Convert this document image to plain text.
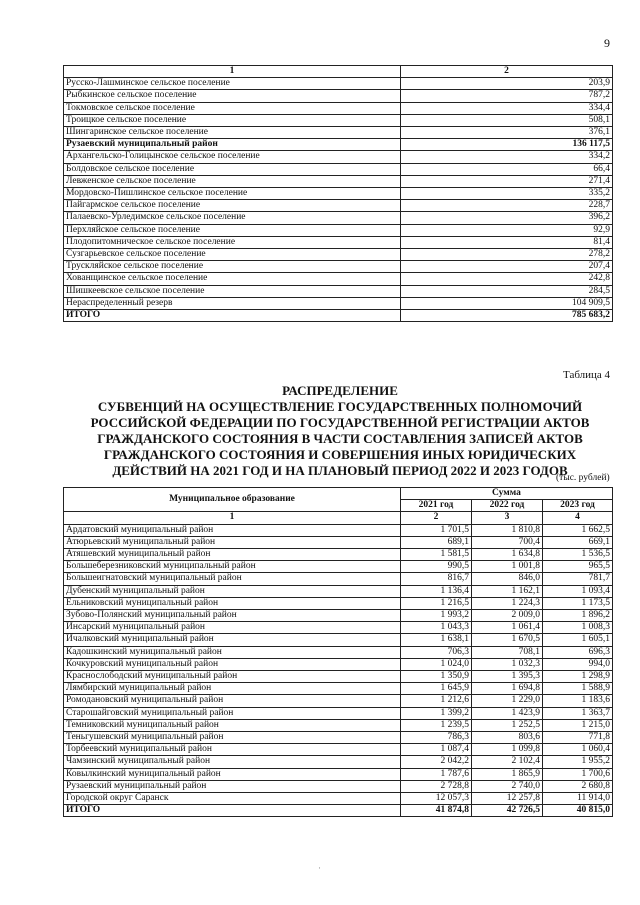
9
1	2
Русско-Лашминское сельское поселение	203,9
Рыбкинское сельское поселение	787,2
Токмовское сельское поселение	334,4
Троицкое сельское поселение	508,1
Шингаринское сельское поселение	376,1
Рузаевский муниципальный район	136 117,5
Архангельско-Голицынское сельское поселение	334,2
Болдовское сельское поселение	66,4
Левженское сельское поселение	271,4
Мордовско-Пишлинское сельское поселение	335,2
Пайгармское сельское поселение	228,7
Палаевско-Урледимское сельское поселение	396,2
Перхляйское сельское поселение	92,9
Плодопитомническое сельское поселение	81,4
Сузгарьевское сельское поселение	278,2
Трускляйское сельское поселение	207,4
Хованщинское сельское поселение	242,8
Шишкеевское сельское поселение	284,5
Нераспределенный резерв	104 909,5
ИТОГО	785 683,2
Таблица 4
РАСПРЕДЕЛЕНИЕ
СУБВЕНЦИЙ НА ОСУЩЕСТВЛЕНИЕ ГОСУДАРСТВЕННЫХ ПОЛНОМОЧИЙ
РОССИЙСКОЙ ФЕДЕРАЦИИ ПО ГОСУДАРСТВЕННОЙ РЕГИСТРАЦИИ АКТОВ
ГРАЖДАНСКОГО СОСТОЯНИЯ В ЧАСТИ СОСТАВЛЕНИЯ ЗАПИСЕЙ АКТОВ
ГРАЖДАНСКОГО СОСТОЯНИЯ И СОВЕРШЕНИЯ ИНЫХ ЮРИДИЧЕСКИХ
ДЕЙСТВИЙ НА 2021 ГОД И НА ПЛАНОВЫЙ ПЕРИОД 2022 И 2023 ГОДОВ
(тыс. рублей)
Муниципальное образование	Сумма		
	2021 год	2022 год	2023 год
1	2	3	4
Ардатовский муниципальный район	1 701,5	1 810,8	1 662,5
Атюрьевский муниципальный район	689,1	700,4	669,1
Атяшевский муниципальный район	1 581,5	1 634,8	1 536,5
Большеберезниковский муниципальный район	990,5	1 001,8	965,5
Большеигнатовский муниципальный район	816,7	846,0	781,7
Дубенский муниципальный район	1 136,4	1 162,1	1 093,4
Ельниковский муниципальный район	1 216,5	1 224,3	1 173,5
Зубово-Полянский муниципальный район	1 993,2	2 009,0	1 896,2
Инсарский муниципальный район	1 043,3	1 061,4	1 008,3
Ичалковский муниципальный район	1 638,1	1 670,5	1 605,1
Кадошкинский муниципальный район	706,3	708,1	696,3
Кочкуровский муниципальный район	1 024,0	1 032,3	994,0
Краснослободский муниципальный район	1 350,9	1 395,3	1 298,9
Лямбирский муниципальный район	1 645,9	1 694,8	1 588,9
Ромодановский муниципальный район	1 212,6	1 229,0	1 183,6
Старошайговский муниципальный район	1 399,2	1 423,9	1 363,7
Темниковский муниципальный район	1 239,5	1 252,5	1 215,0
Теньгушевский муниципальный район	786,3	803,6	771,8
Торбеевский муниципальный район	1 087,4	1 099,8	1 060,4
Чамзинский муниципальный район	2 042,2	2 102,4	1 955,2
Ковылкинский муниципальный район	1 787,6	1 865,9	1 700,6
Рузаевский муниципальный район	2 728,8	2 740,0	2 680,8
Городской округ Саранск	12 057,3	12 257,8	11 914,0
ИТОГО	41 874,8	42 726,5	40 815,0
·
